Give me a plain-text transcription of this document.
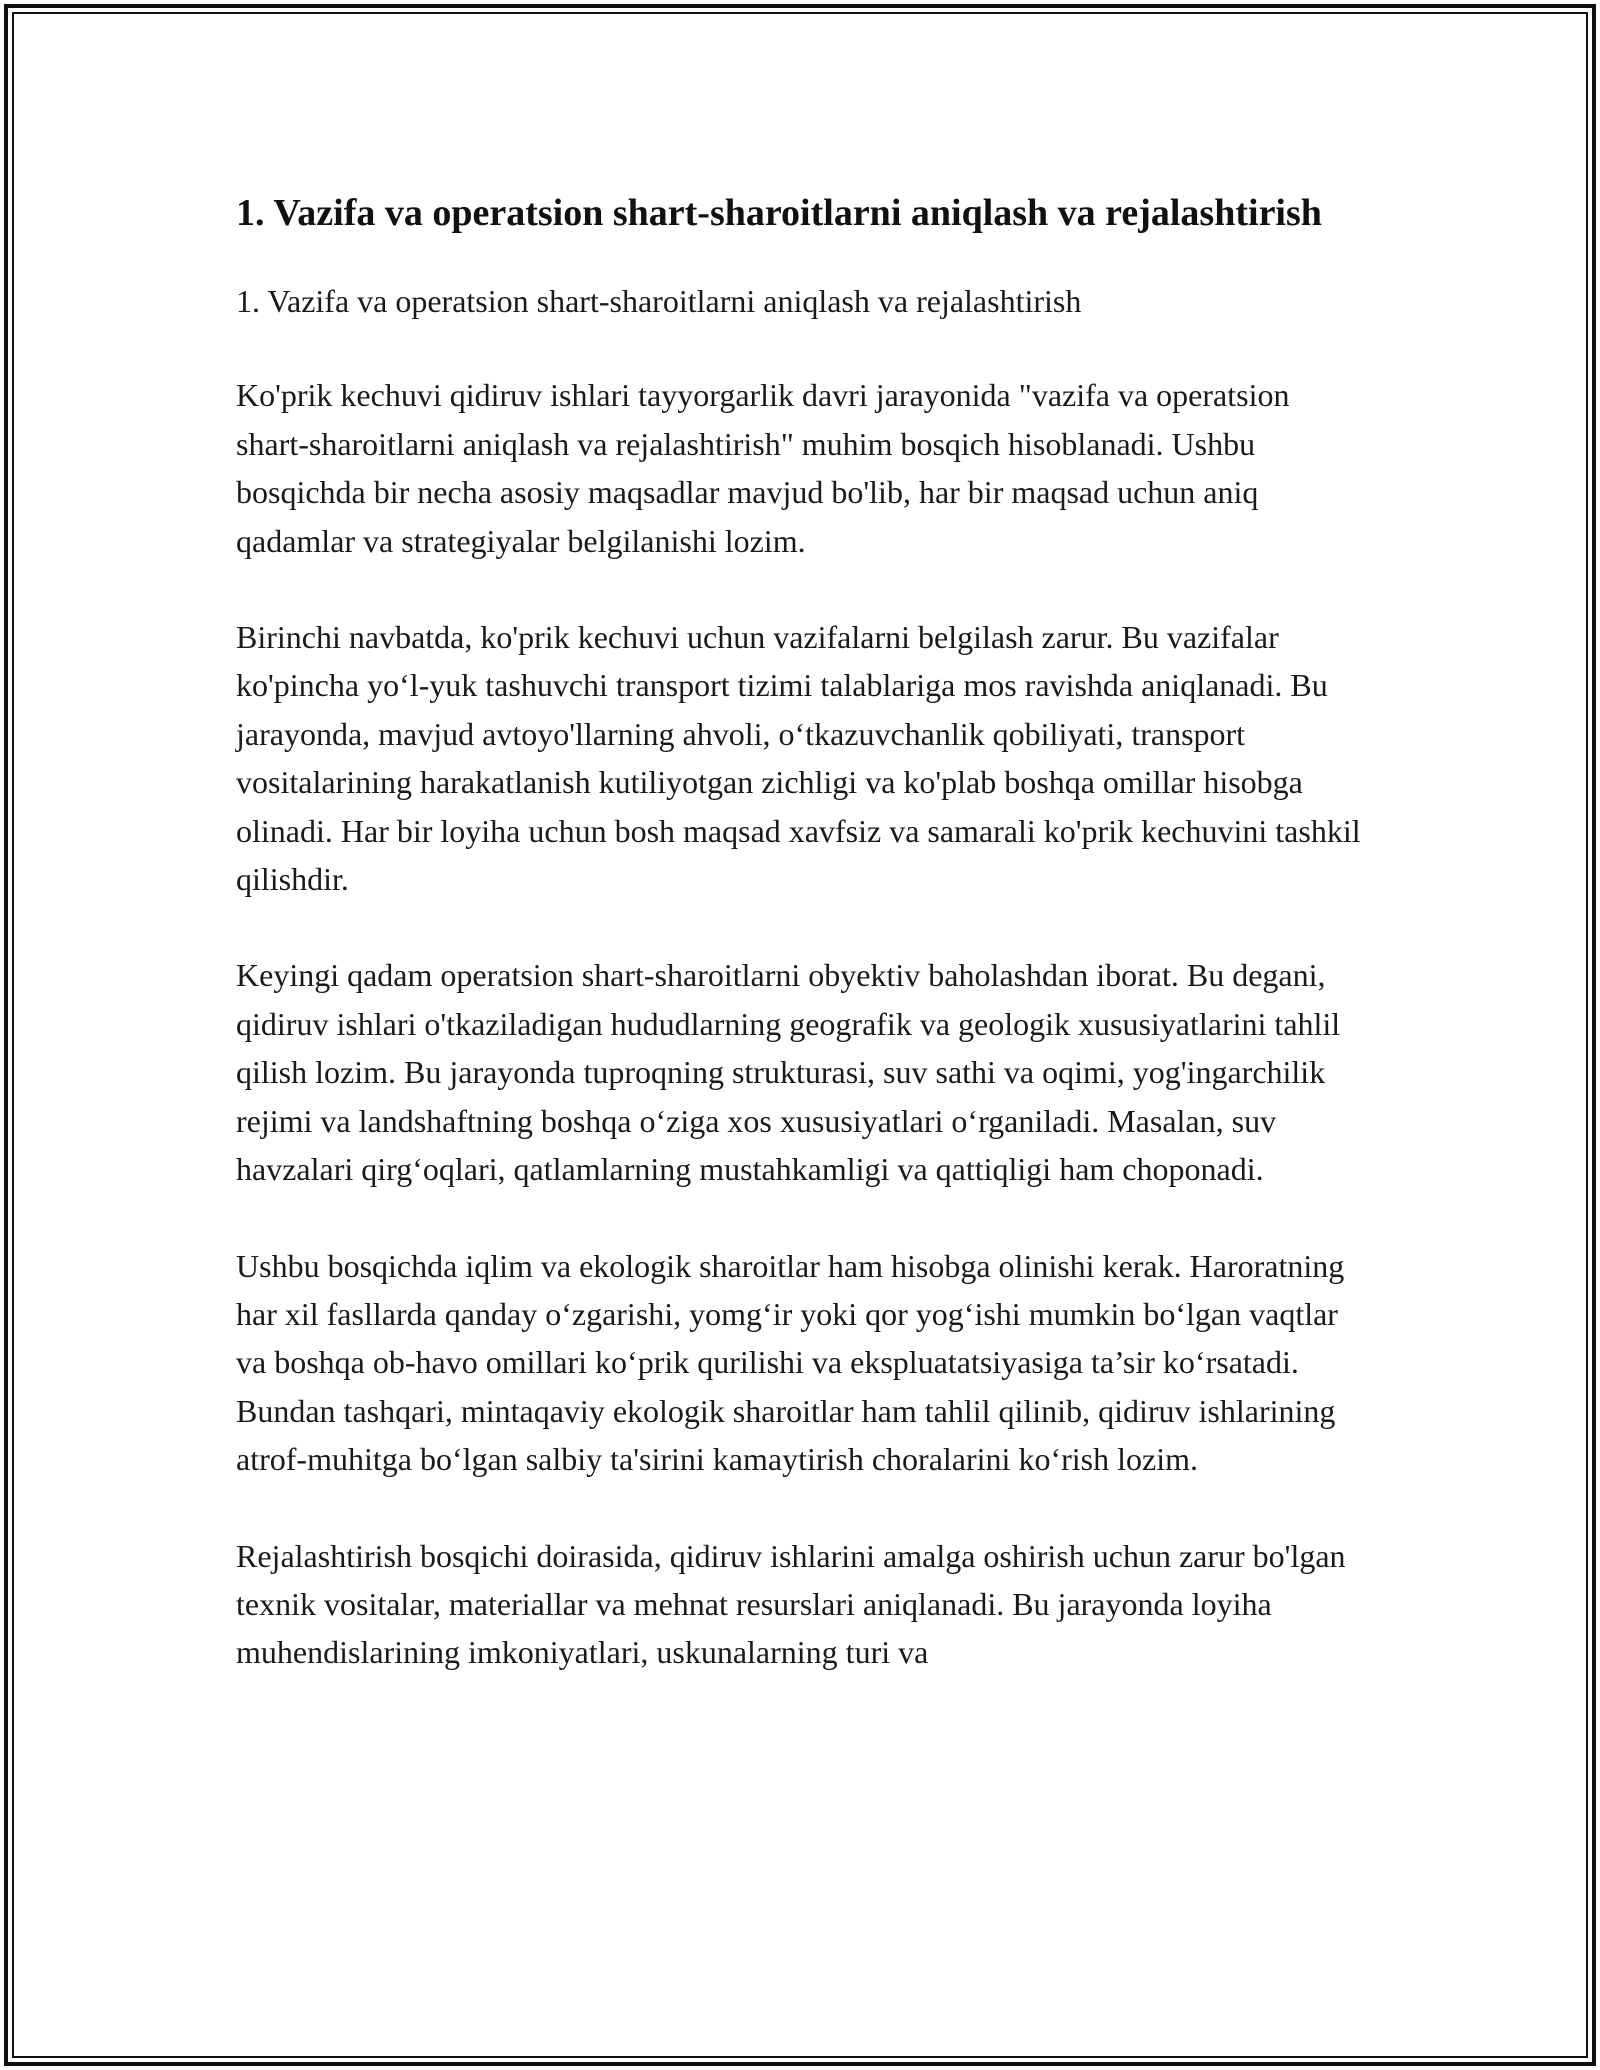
1. Vazifa va operatsion shart-sharoitlarni aniqlash va rejalashtirish

1. Vazifa va operatsion shart-sharoitlarni aniqlash va rejalashtirish

Ko'prik kechuvi qidiruv ishlari tayyorgarlik davri jarayonida "vazifa va operatsion shart-sharoitlarni aniqlash va rejalashtirish" muhim bosqich hisoblanadi. Ushbu bosqichda bir necha asosiy maqsadlar mavjud bo'lib, har bir maqsad uchun aniq qadamlar va strategiyalar belgilanishi lozim.

Birinchi navbatda, ko'prik kechuvi uchun vazifalarni belgilash zarur. Bu vazifalar ko'pincha yo‘l-yuk tashuvchi transport tizimi talablariga mos ravishda aniqlanadi. Bu jarayonda, mavjud avtoyo'llarning ahvoli, o‘tkazuvchanlik qobiliyati, transport vositalarining harakatlanish kutiliyotgan zichligi va ko'plab boshqa omillar hisobga olinadi. Har bir loyiha uchun bosh maqsad xavfsiz va samarali ko'prik kechuvini tashkil qilishdir.

Keyingi qadam operatsion shart-sharoitlarni obyektiv baholashdan iborat. Bu degani, qidiruv ishlari o'tkaziladigan hududlarning geografik va geologik xususiyatlarini tahlil qilish lozim. Bu jarayonda tuproqning strukturasi, suv sathi va oqimi, yog'ingarchilik rejimi va landshaftning boshqa o‘ziga xos xususiyatlari o‘rganiladi. Masalan, suv havzalari qirg‘oqlari, qatlamlarning mustahkamligi va qattiqligi ham choponadi.

Ushbu bosqichda iqlim va ekologik sharoitlar ham hisobga olinishi kerak. Haroratning har xil fasllarda qanday o‘zgarishi, yomg‘ir yoki qor yog‘ishi mumkin bo‘lgan vaqtlar va boshqa ob-havo omillari ko‘prik qurilishi va ekspluatatsiyasiga ta’sir ko‘rsatadi. Bundan tashqari, mintaqaviy ekologik sharoitlar ham tahlil qilinib, qidiruv ishlarining atrof-muhitga bo‘lgan salbiy ta'sirini kamaytirish choralarini ko‘rish lozim.

Rejalashtirish bosqichi doirasida, qidiruv ishlarini amalga oshirish uchun zarur bo'lgan texnik vositalar, materiallar va mehnat resurslari aniqlanadi. Bu jarayonda loyiha muhendislarining imkoniyatlari, uskunalarning turi va
